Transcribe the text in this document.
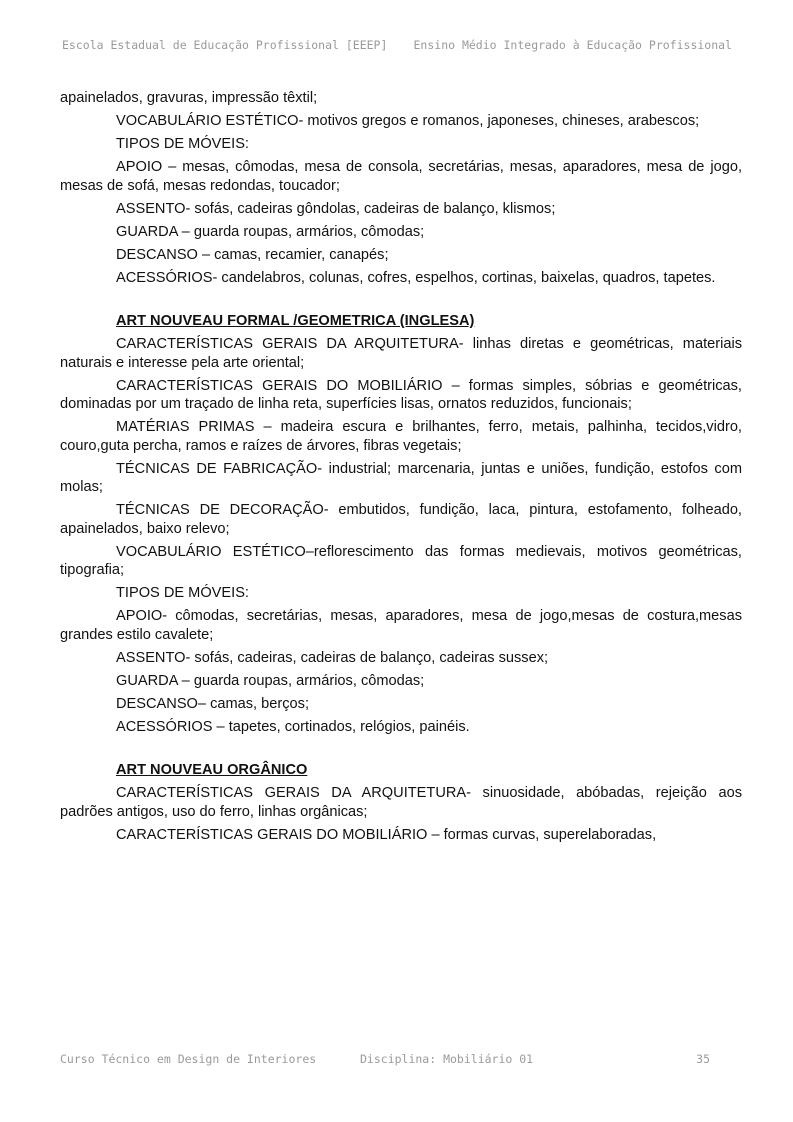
Escola Estadual de Educação Profissional [EEEP] Ensino Médio Integrado à Educação Profissional

apainelados, gravuras, impressão têxtil;

VOCABULÁRIO ESTÉTICO- motivos gregos e romanos, japoneses, chineses, arabescos;

TIPOS DE MÓVEIS:

APOIO – mesas, cômodas, mesa de consola, secretárias, mesas, aparadores, mesa de jogo, mesas de sofá, mesas redondas, toucador;

ASSENTO- sofás, cadeiras gôndolas, cadeiras de balanço, klismos;

GUARDA – guarda roupas, armários, cômodas;

DESCANSO – camas, recamier, canapés;

ACESSÓRIOS- candelabros, colunas, cofres, espelhos, cortinas, baixelas, quadros, tapetes.

ART NOUVEAU FORMAL /GEOMETRICA (INGLESA)

CARACTERÍSTICAS GERAIS DA ARQUITETURA- linhas diretas e geométricas, materiais naturais e interesse pela arte oriental;

CARACTERÍSTICAS GERAIS DO MOBILIÁRIO – formas simples, sóbrias e geométricas, dominadas por um traçado de linha reta, superfícies lisas, ornatos reduzidos, funcionais;

MATÉRIAS PRIMAS – madeira escura e brilhantes, ferro, metais, palhinha, tecidos,vidro, couro,guta percha, ramos e raízes de árvores, fibras vegetais;

TÉCNICAS DE FABRICAÇÃO- industrial; marcenaria, juntas e uniões, fundição, estofos com molas;

TÉCNICAS DE DECORAÇÃO- embutidos, fundição, laca, pintura, estofamento, folheado, apainelados, baixo relevo;

VOCABULÁRIO ESTÉTICO–reflorescimento das formas medievais, motivos geométricas, tipografia;

TIPOS DE MÓVEIS:

APOIO- cômodas, secretárias, mesas, aparadores, mesa de jogo,mesas de costura,mesas grandes estilo cavalete;

ASSENTO- sofás, cadeiras, cadeiras de balanço, cadeiras sussex;

GUARDA – guarda roupas, armários, cômodas;

DESCANSO– camas, berços;

ACESSÓRIOS – tapetes, cortinados, relógios, painéis.

ART NOUVEAU ORGÂNICO

CARACTERÍSTICAS GERAIS DA ARQUITETURA- sinuosidade, abóbadas, rejeição aos padrões antigos, uso do ferro, linhas orgânicas;

CARACTERÍSTICAS GERAIS DO MOBILIÁRIO – formas curvas, superelaboradas,

Curso Técnico em Design de Interiores	Disciplina: Mobiliário 01	35
